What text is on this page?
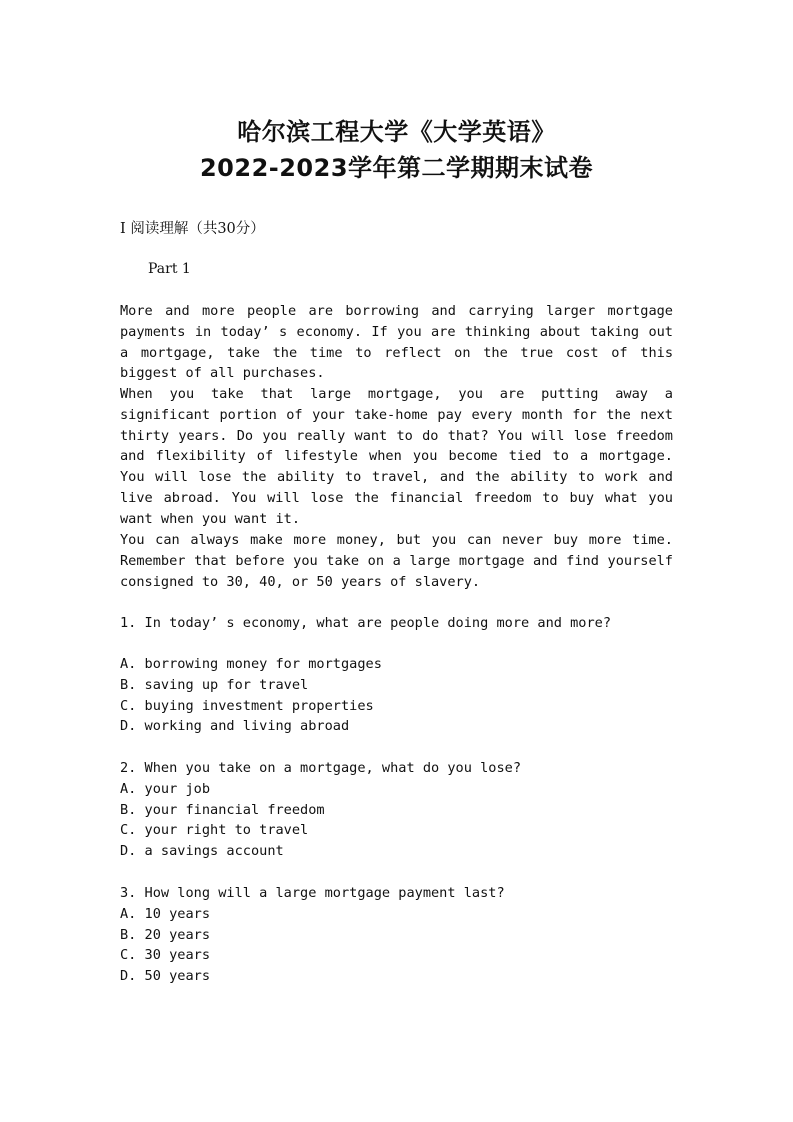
哈尔滨工程大学《大学英语》
2022-2023学年第二学期期末试卷
I 阅读理解（共30分）
Part 1
More and more people are borrowing and carrying larger mortgage payments in today’ s economy. If you are thinking about taking out a mortgage, take the time to reflect on the true cost of this biggest of all purchases.
When you take that large mortgage, you are putting away a significant portion of your take-home pay every month for the next thirty years. Do you really want to do that? You will lose freedom and flexibility of lifestyle when you become tied to a mortgage. You will lose the ability to travel, and the ability to work and live abroad. You will lose the financial freedom to buy what you want when you want it.
You can always make more money, but you can never buy more time. Remember that before you take on a large mortgage and find yourself consigned to 30, 40, or 50 years of slavery.
1. In today’ s economy, what are people doing more and more?
A. borrowing money for mortgages
B. saving up for travel
C. buying investment properties
D. working and living abroad
2. When you take on a mortgage, what do you lose?
A. your job
B. your financial freedom
C. your right to travel
D. a savings account
3. How long will a large mortgage payment last?
A. 10 years
B. 20 years
C. 30 years
D. 50 years
